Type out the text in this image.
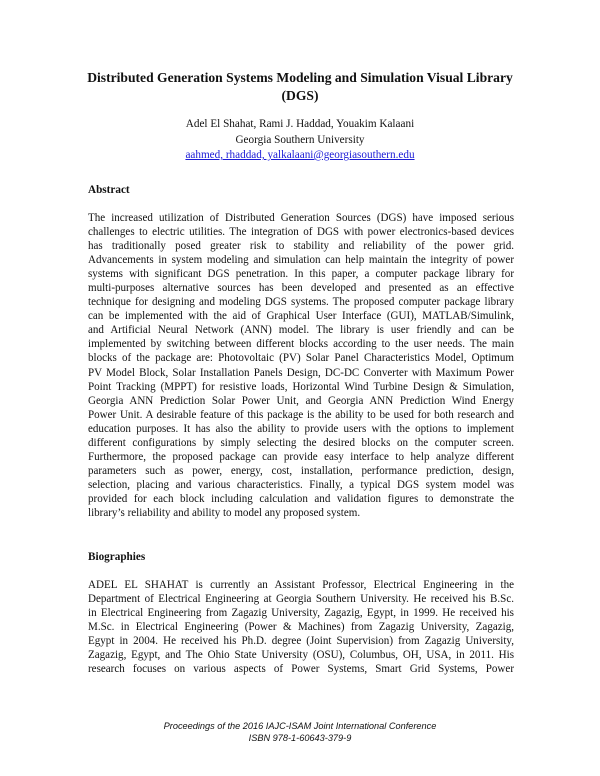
Distributed Generation Systems Modeling and Simulation Visual Library
(DGS)
Adel El Shahat, Rami J. Haddad, Youakim Kalaani
Georgia Southern University
aahmed, rhaddad, yalkalaani@georgiasouthern.edu
Abstract
The increased utilization of Distributed Generation Sources (DGS) have imposed serious
challenges to electric utilities. The integration of DGS with power electronics-based devices
has traditionally posed greater risk to stability and reliability of the power grid.
Advancements in system modeling and simulation can help maintain the integrity of power
systems with significant DGS penetration. In this paper, a computer package library for
multi-purposes alternative sources has been developed and presented as an effective
technique for designing and modeling DGS systems. The proposed computer package library
can be implemented with the aid of Graphical User Interface (GUI), MATLAB/Simulink,
and Artificial Neural Network (ANN) model. The library is user friendly and can be
implemented by switching between different blocks according to the user needs. The main
blocks of the package are: Photovoltaic (PV) Solar Panel Characteristics Model, Optimum
PV Model Block, Solar Installation Panels Design, DC-DC Converter with Maximum Power
Point Tracking (MPPT) for resistive loads, Horizontal Wind Turbine Design & Simulation,
Georgia ANN Prediction Solar Power Unit, and Georgia ANN Prediction Wind Energy
Power Unit. A desirable feature of this package is the ability to be used for both research and
education purposes. It has also the ability to provide users with the options to implement
different configurations by simply selecting the desired blocks on the computer screen.
Furthermore, the proposed package can provide easy interface to help analyze different
parameters such as power, energy, cost, installation, performance prediction, design,
selection, placing and various characteristics. Finally, a typical DGS system model was
provided for each block including calculation and validation figures to demonstrate the
library’s reliability and ability to model any proposed system.
Biographies
ADEL EL SHAHAT is currently an Assistant Professor, Electrical Engineering in the
Department of Electrical Engineering at Georgia Southern University. He received his B.Sc.
in Electrical Engineering from Zagazig University, Zagazig, Egypt, in 1999. He received his
M.Sc. in Electrical Engineering (Power & Machines) from Zagazig University, Zagazig,
Egypt in 2004. He received his Ph.D. degree (Joint Supervision) from Zagazig University,
Zagazig, Egypt, and The Ohio State University (OSU), Columbus, OH, USA, in 2011. His
research focuses on various aspects of Power Systems, Smart Grid Systems, Power
Proceedings of the 2016 IAJC-ISAM Joint International Conference
ISBN 978-1-60643-379-9
